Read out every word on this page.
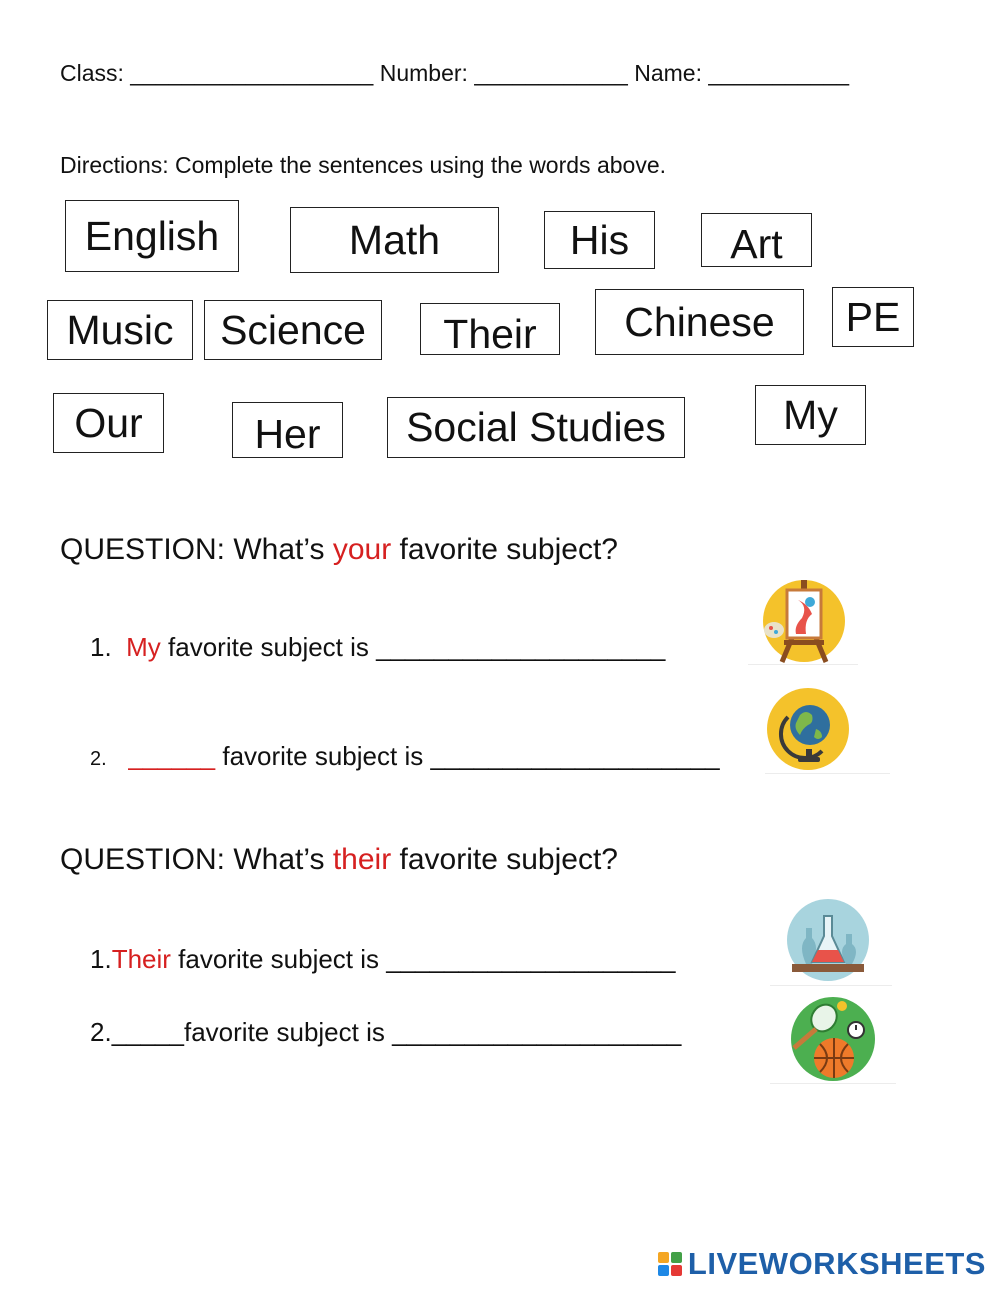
Class: ___________________ Number: ____________ Name: ___________
Directions: Complete the sentences using the words above.
English	Math	His	Art
Music	Science	Their	Chinese	PE
Our	Her	Social Studies	My
QUESTION: What’s your favorite subject?
1. My favorite subject is ____________________
2. ______ favorite subject is ____________________
QUESTION: What’s their favorite subject?
1.Their favorite subject is ____________________
2._____favorite subject is ____________________
LIVEWORKSHEETS
